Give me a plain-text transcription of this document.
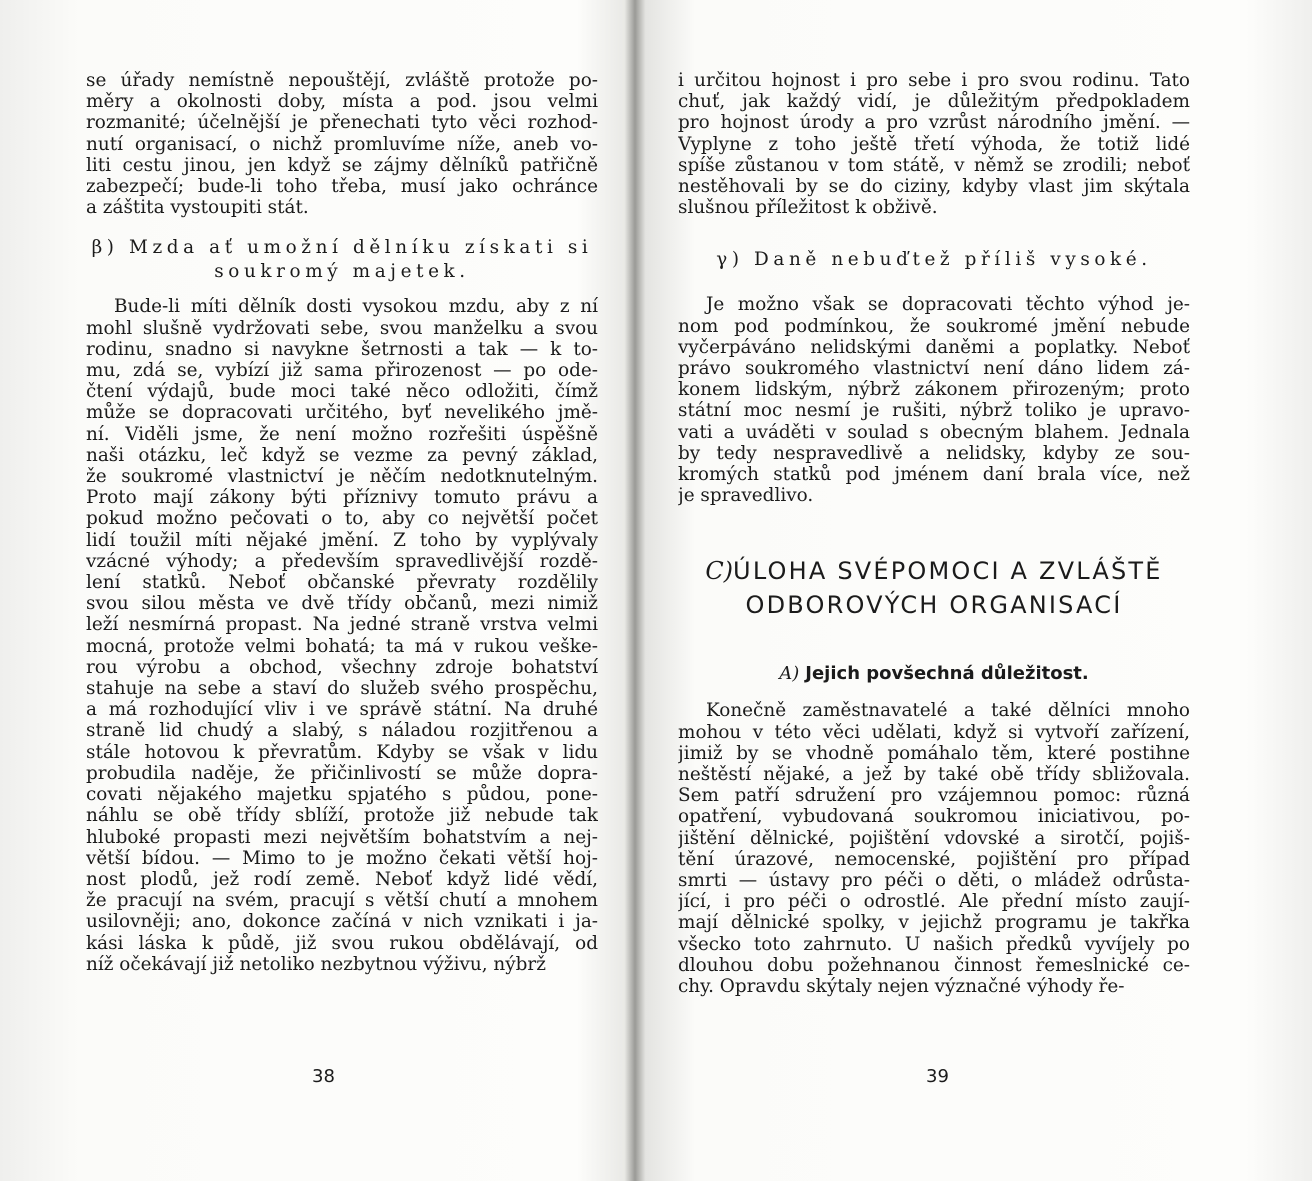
se úřady nemístně nepouštějí, zvláště protože po-

měry a okolnosti doby, místa a pod. jsou velmi

rozmanité; účelnější je přenechati tyto věci rozhod-

nutí organisací, o nichž promluvíme níže, aneb vo-

liti cestu jinou, jen když se zájmy dělníků patřičně

zabezpečí; bude-li toho třeba, musí jako ochránce

a záštita vystoupiti stát.

β) Mzda ať umožní dělníku získati si
soukromý majetek.

Bude-li míti dělník dosti vysokou mzdu, aby z ní

mohl slušně vydržovati sebe, svou manželku a svou

rodinu, snadno si navykne šetrnosti a tak — k to-

mu, zdá se, vybízí již sama přirozenost — po ode-

čtení výdajů, bude moci také něco odložiti, čímž

může se dopracovati určitého, byť nevelikého jmě-

ní. Viděli jsme, že není možno rozřešiti úspěšně

naši otázku, leč když se vezme za pevný základ,

že soukromé vlastnictví je něčím nedotknutelným.

Proto mají zákony býti příznivy tomuto právu a

pokud možno pečovati o to, aby co největší počet

lidí toužil míti nějaké jmění. Z toho by vyplývaly

vzácné výhody; a především spravedlivější rozdě-

lení statků. Neboť občanské převraty rozdělily

svou silou města ve dvě třídy občanů, mezi nimiž

leží nesmírná propast. Na jedné straně vrstva velmi

mocná, protože velmi bohatá; ta má v rukou veške-

rou výrobu a obchod, všechny zdroje bohatství

stahuje na sebe a staví do služeb svého prospěchu,

a má rozhodující vliv i ve správě státní. Na druhé

straně lid chudý a slabý, s náladou rozjitřenou a

stále hotovou k převratům. Kdyby se však v lidu

probudila naděje, že přičinlivostí se může dopra-

covati nějakého majetku spjatého s půdou, pone-

náhlu se obě třídy sblíží, protože již nebude tak

hluboké propasti mezi největším bohatstvím a nej-

větší bídou. — Mimo to je možno čekati větší hoj-

nost plodů, jež rodí země. Neboť když lidé vědí,

že pracují na svém, pracují s větší chutí a mnohem

usilovněji; ano, dokonce začíná v nich vznikati i ja-

kási láska k půdě, již svou rukou obdělávají, od

níž očekávají již netoliko nezbytnou výživu, nýbrž

38

i určitou hojnost i pro sebe i pro svou rodinu. Tato

chuť, jak každý vidí, je důležitým předpokladem

pro hojnost úrody a pro vzrůst národního jmění. —

Vyplyne z toho ještě třetí výhoda, že totiž lidé

spíše zůstanou v tom státě, v němž se zrodili; neboť

nestěhovali by se do ciziny, kdyby vlast jim skýtala

slušnou příležitost k obživě.

γ) Daně nebuďtež příliš vysoké.

Je možno však se dopracovati těchto výhod je-

nom pod podmínkou, že soukromé jmění nebude

vyčerpáváno nelidskými daněmi a poplatky. Neboť

právo soukromého vlastnictví není dáno lidem zá-

konem lidským, nýbrž zákonem přirozeným; proto

státní moc nesmí je rušiti, nýbrž toliko je upravo-

vati a uváděti v soulad s obecným blahem. Jednala

by tedy nespravedlivě a nelidsky, kdyby ze sou-

kromých statků pod jménem daní brala více, než

je spravedlivo.

C)ÚLOHA SVÉPOMOCI A ZVLÁŠTĚ
ODBOROVÝCH ORGANISACÍ
A) Jejich povšechná důležitost.

Konečně zaměstnavatelé a také dělníci mnoho

mohou v této věci udělati, když si vytvoří zařízení,

jimiž by se vhodně pomáhalo těm, které postihne

neštěstí nějaké, a jež by také obě třídy sbližovala.

Sem patří sdružení pro vzájemnou pomoc: různá

opatření, vybudovaná soukromou iniciativou, po-

jištění dělnické, pojištění vdovské a sirotčí, pojiš-

tění úrazové, nemocenské, pojištění pro případ

smrti — ústavy pro péči o děti, o mládež odrůsta-

jící, i pro péči o odrostlé. Ale přední místo zaují-

mají dělnické spolky, v jejichž programu je takřka

všecko toto zahrnuto. U našich předků vyvíjely po

dlouhou dobu požehnanou činnost řemeslnické ce-

chy. Opravdu skýtaly nejen význačné výhody ře-

39
